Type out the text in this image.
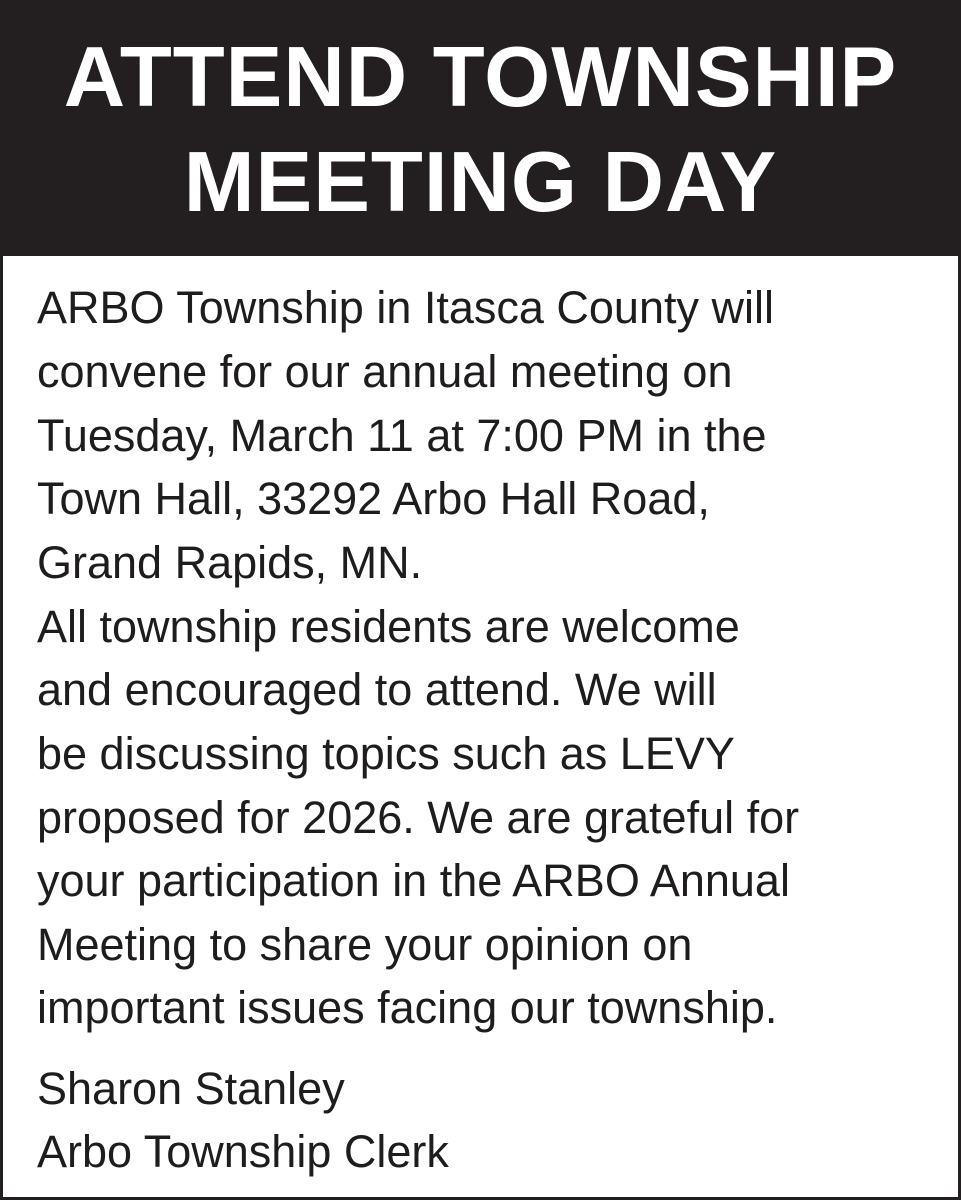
ATTEND TOWNSHIP
MEETING DAY

ARBO Township in Itasca County will

convene for our annual meeting on

Tuesday, March 11 at 7:00 PM in the

Town Hall, 33292 Arbo Hall Road,

Grand Rapids, MN.

All township residents are welcome

and encouraged to attend. We will

be discussing topics such as LEVY

proposed for 2026. We are grateful for

your participation in the ARBO Annual

Meeting to share your opinion on

important issues facing our township.

Sharon Stanley

Arbo Township Clerk
